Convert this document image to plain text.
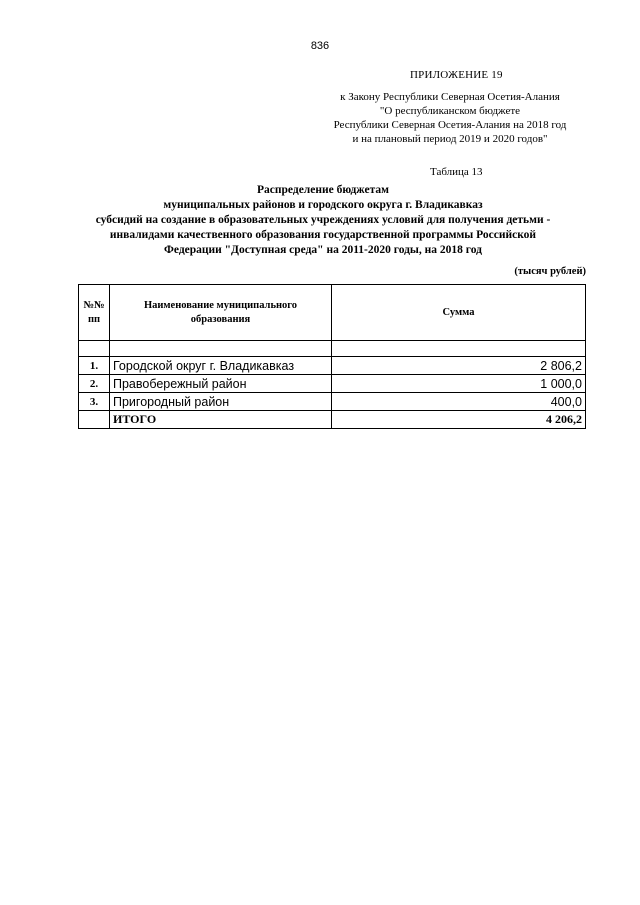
836
ПРИЛОЖЕНИЕ 19
к Закону Республики Северная Осетия-Алания
"О республиканском бюджете
Республики Северная Осетия-Алания на 2018 год
и на плановый период 2019 и 2020 годов"
Таблица 13
Распределение бюджетам
муниципальных районов и городского округа г. Владикавказ
субсидий на создание в образовательных учреждениях условий для получения детьми -
инвалидами качественного образования государственной программы Российской
Федерации "Доступная среда" на 2011-2020 годы, на 2018 год
(тысяч рублей)
№№ пп	Наименование муниципального образования	Сумма

1.	Городской округ г. Владикавказ	2 806,2
2.	Правобережный район	1 000,0
3.	Пригородный район	400,0
	ИТОГО	4 206,2
